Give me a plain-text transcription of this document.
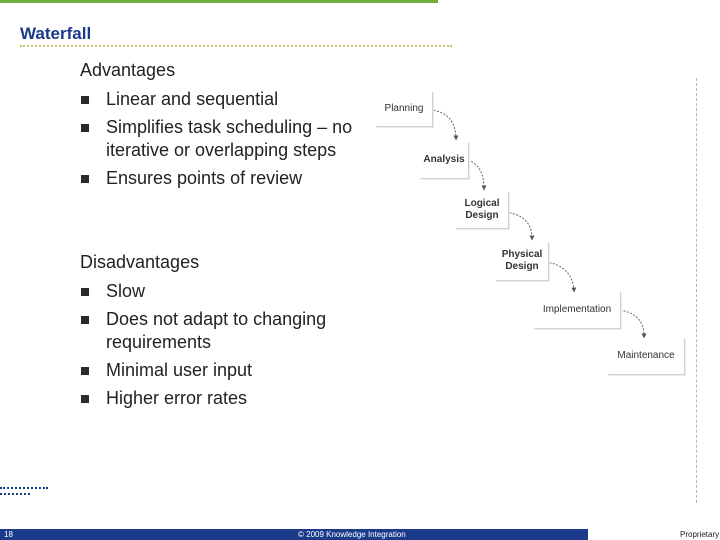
Waterfall
Advantages
Linear and sequential
Simplifies task scheduling – no iterative or overlapping steps
Ensures points of review
Disadvantages
Slow
Does not adapt to changing requirements
Minimal user input
Higher error rates
Planning
Analysis
Logical
Design
Physical
Design
Implementation
Maintenance
18	© 2009 Knowledge Integration	Proprietary
